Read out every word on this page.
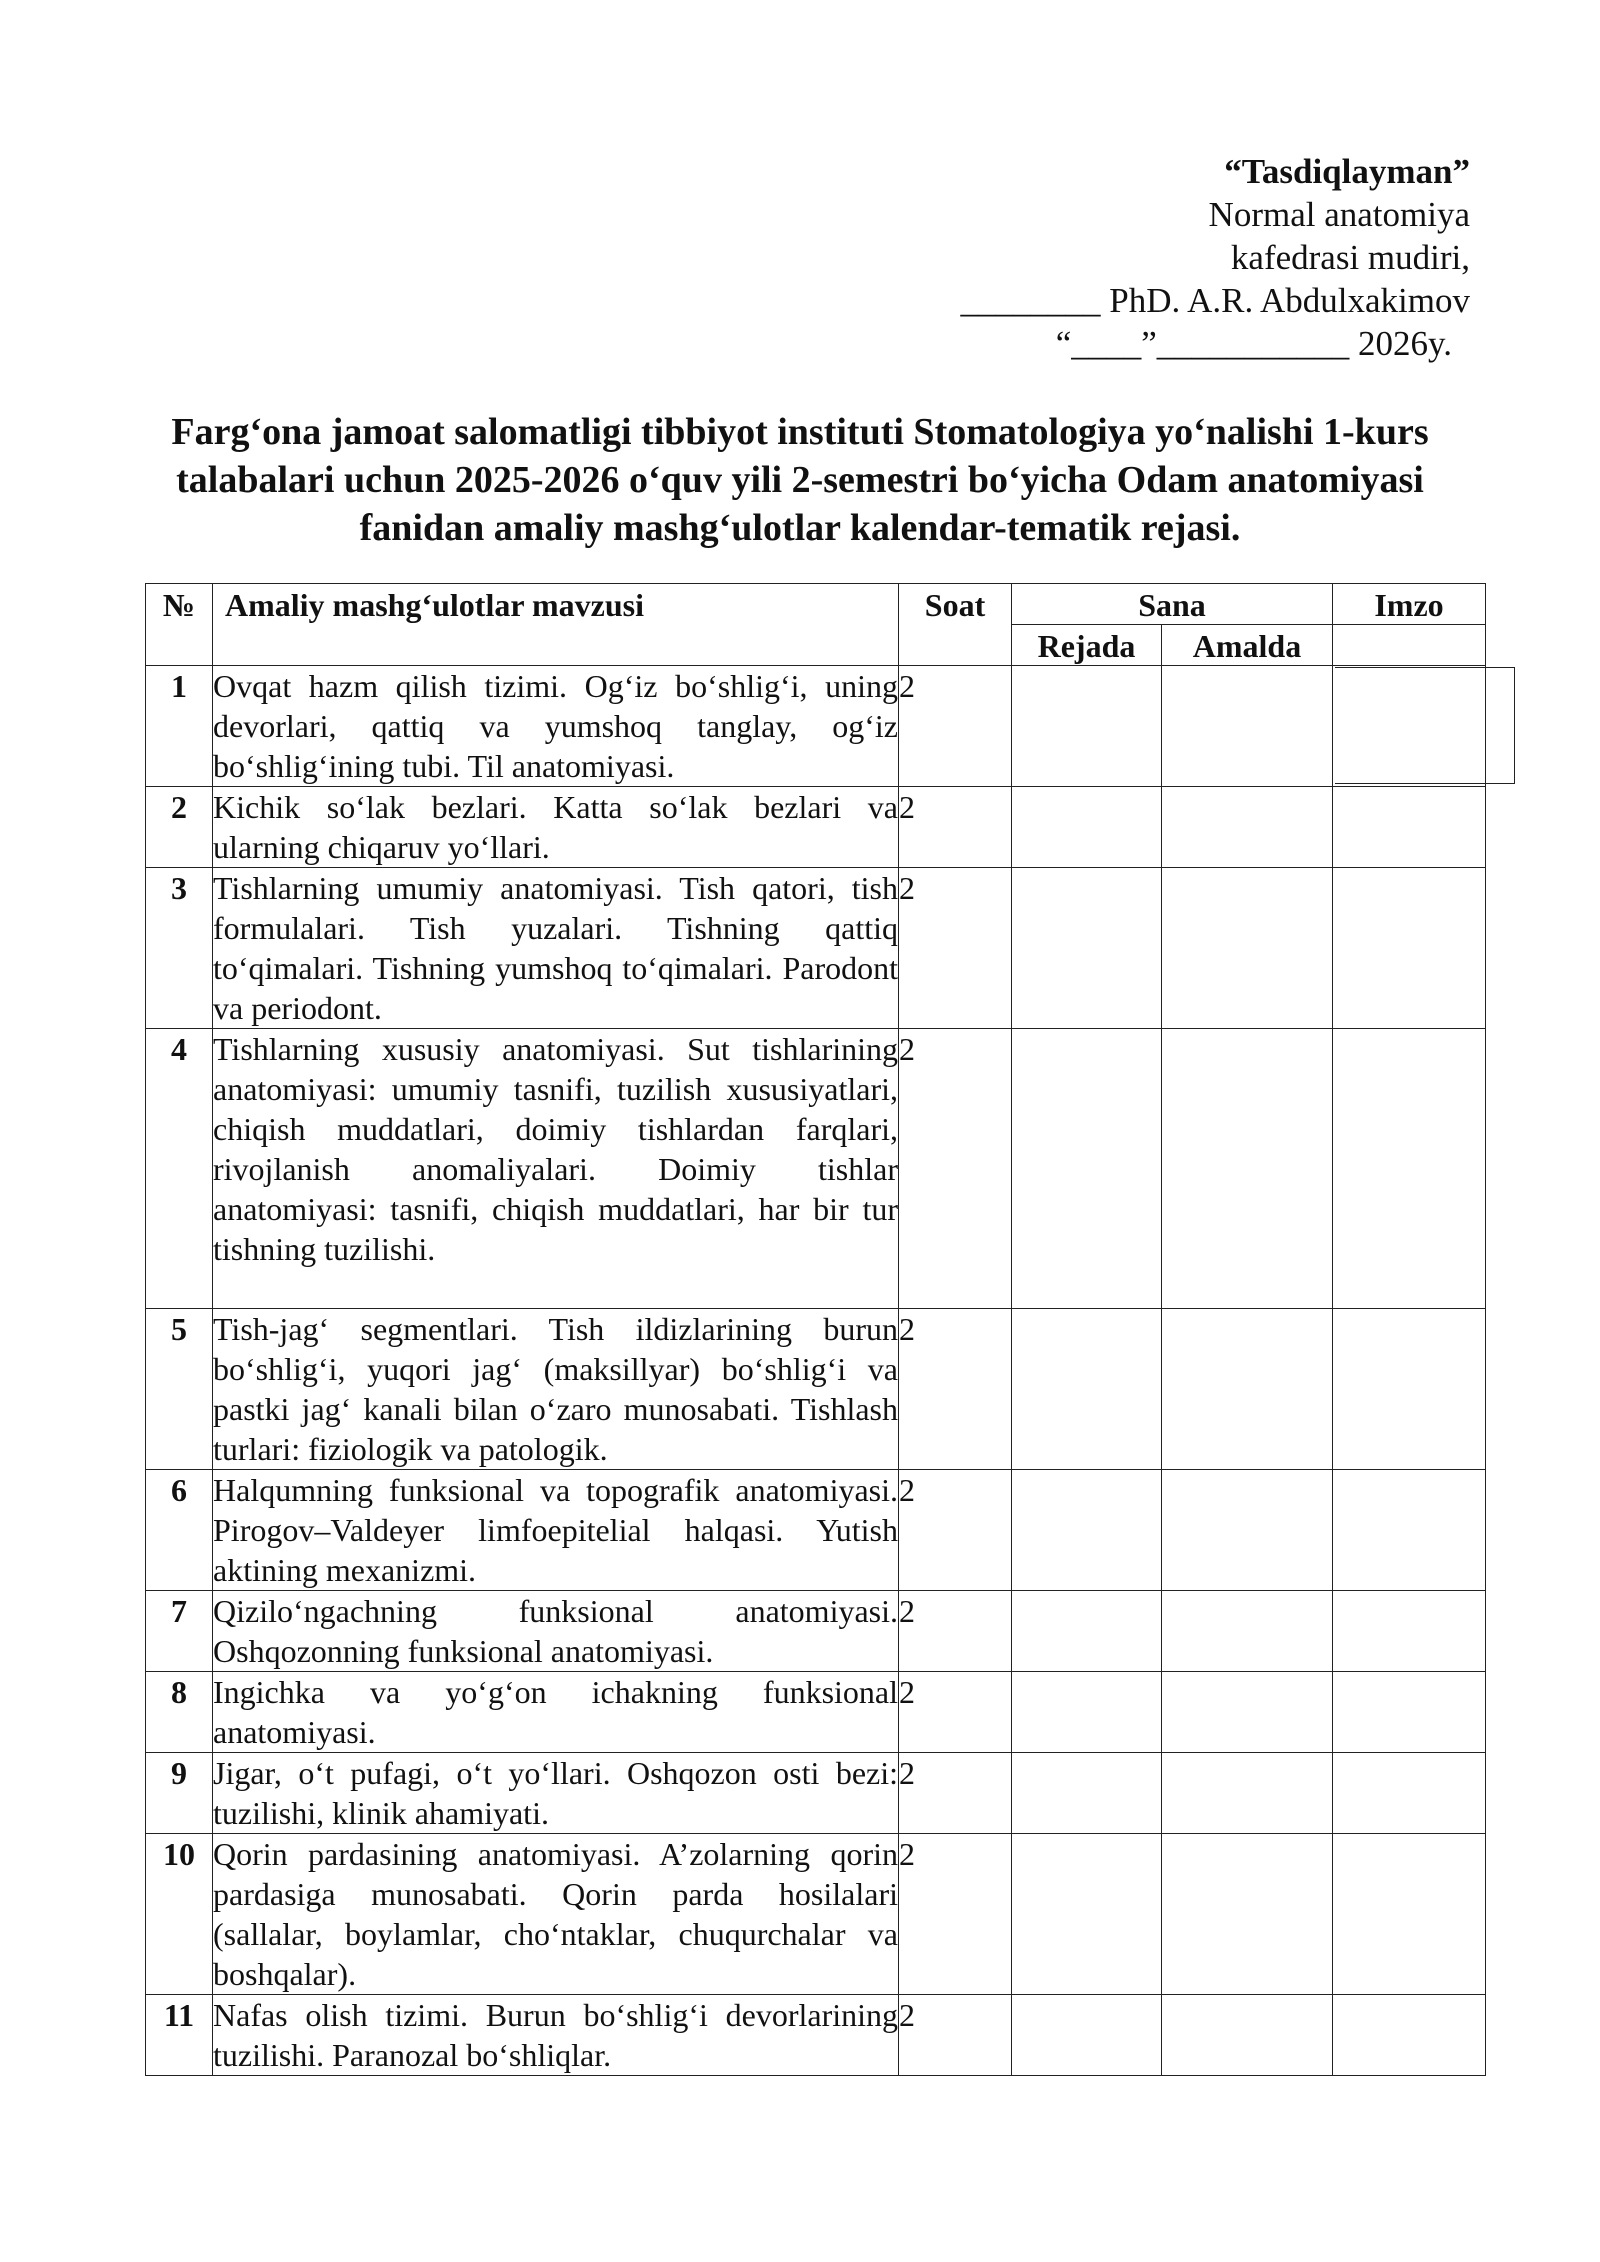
“Tasdiqlayman”
Normal anatomiya
kafedrasi mudiri,
________ PhD. A.R. Abdulxakimov
“____”___________ 2026y.
Farg‘ona jamoat salomatligi tibbiyot instituti Stomatologiya yo‘nalishi 1-kurs talabalari uchun 2025-2026 o‘quv yili 2-semestri bo‘yicha Odam anatomiyasi fanidan amaliy mashg‘ulotlar kalendar-tematik rejasi.
№	Amaliy mashg‘ulotlar mavzusi	Soat	Sana		Imzo
			Rejada	Amalda	
1	Ovqat hazm qilish tizimi. Og‘iz bo‘shlig‘i, uning devorlari, qattiq va yumshoq tanglay, og‘iz bo‘shlig‘ining tubi. Til anatomiyasi.	2			
2	Kichik so‘lak bezlari. Katta so‘lak bezlari va ularning chiqaruv yo‘llari.	2			
3	Tishlarning umumiy anatomiyasi. Tish qatori, tish formulalari. Tish yuzalari. Tishning qattiq to‘qimalari. Tishning yumshoq to‘qimalari. Parodont va periodont.	2			
4	Tishlarning xususiy anatomiyasi. Sut tishlarining anatomiyasi: umumiy tasnifi, tuzilish xususiyatlari, chiqish muddatlari, doimiy tishlardan farqlari, rivojlanish anomaliyalari. Doimiy tishlar anatomiyasi: tasnifi, chiqish muddatlari, har bir tur tishning tuzilishi.	2			
5	Tish-jag‘ segmentlari. Tish ildizlarining burun bo‘shlig‘i, yuqori jag‘ (maksillyar) bo‘shlig‘i va pastki jag‘ kanali bilan o‘zaro munosabati. Tishlash turlari: fiziologik va patologik.	2			
6	Halqumning funksional va topografik anatomiyasi. Pirogov–Valdeyer limfoepitelial halqasi. Yutish aktining mexanizmi.	2			
7	Qizilo‘ngachning funksional anatomiyasi. Oshqozonning funksional anatomiyasi.	2			
8	Ingichka va yo‘g‘on ichakning funksional anatomiyasi.	2			
9	Jigar, o‘t pufagi, o‘t yo‘llari. Oshqozon osti bezi: tuzilishi, klinik ahamiyati.	2			
10	Qorin pardasining anatomiyasi. A’zolarning qorin pardasiga munosabati. Qorin parda hosilalari (sallalar, boylamlar, cho‘ntaklar, chuqurchalar va boshqalar).	2			
11	Nafas olish tizimi. Burun bo‘shlig‘i devorlarining tuzilishi. Paranozal bo‘shliqlar.	2			
